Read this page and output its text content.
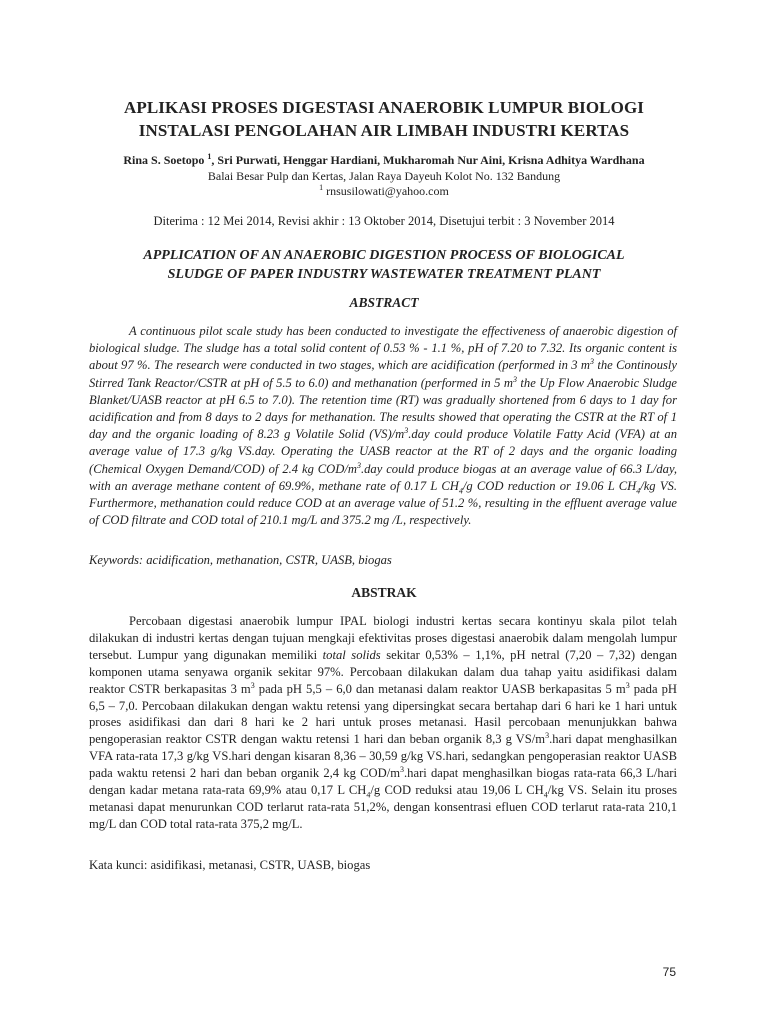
APLIKASI PROSES DIGESTASI ANAEROBIK LUMPUR BIOLOGI
INSTALASI PENGOLAHAN AIR LIMBAH INDUSTRI KERTAS
Rina S. Soetopo $^1$, Sri Purwati, Henggar Hardiani, Mukharomah Nur Aini, Krisna Adhitya Wardhana
Balai Besar Pulp dan Kertas, Jalan Raya Dayeuh Kolot No. 132 Bandung
$^1$ rnsusilowati@yahoo.com
Diterima : 12 Mei 2014, Revisi akhir : 13 Oktober 2014, Disetujui terbit : 3 November 2014
APPLICATION OF AN ANAEROBIC DIGESTION PROCESS OF BIOLOGICAL
SLUDGE OF PAPER INDUSTRY WASTEWATER TREATMENT PLANT
ABSTRACT

A continuous pilot scale study has been conducted to investigate the effectiveness of anaerobic digestion of biological sludge. The sludge has a total solid content of 0.53 % - 1.1 %, pH of 7.20 to 7.32. Its organic content is about 97 %. The research were conducted in two stages, which are acidification (performed in 3 $m^3$ the Continously Stirred Tank Reactor/CSTR at pH of 5.5 to 6.0) and methanation (performed in 5 $m^3$ the Up Flow Anaerobic Sludge Blanket/UASB reactor at pH 6.5 to 7.0). The retention time (RT) was gradually shortened from 6 days to 1 day for acidification and from 8 days to 2 days for methanation. The results showed that operating the CSTR at the RT of 1 day and the organic loading of 8.23 g Volatile Solid $(VS)/m^3.day$ could produce Volatile Fatty Acid (VFA) at an average value of 17.3 g/kg VS.day. Operating the UASB reactor at the RT of 2 days and the organic loading (Chemical Oxygen Demand/COD) of 2.4 kg COD/$m^3.day$ could produce biogas at an average value of 66.3 L/day, with an average methane content of 69.9%, methane rate of 0.17 L $CH_4/g$ COD reduction or 19.06 L $CH_4/kg$ VS. Furthermore, methanation could reduce COD at an average value of 51.2 %, resulting in the effluent average value of COD filtrate and COD total of 210.1 mg/L and 375.2 mg /L, respectively.

Keywords: acidification, methanation, CSTR, UASB, biogas

ABSTRAK

Percobaan digestasi anaerobik lumpur IPAL biologi industri kertas secara kontinyu skala pilot telah dilakukan di industri kertas dengan tujuan mengkaji efektivitas proses digestasi anaerobik dalam mengolah lumpur tersebut. Lumpur yang digunakan memiliki total solids sekitar 0,53% – 1,1%, pH netral (7,20 – 7,32) dengan komponen utama senyawa organik sekitar 97%. Percobaan dilakukan dalam dua tahap yaitu asidifikasi dalam reaktor CSTR berkapasitas 3 $m^3$ pada pH 5,5 – 6,0 dan metanasi dalam reaktor UASB berkapasitas 5 $m^3$ pada pH 6,5 – 7,0. Percobaan dilakukan dengan waktu retensi yang dipersingkat secara bertahap dari 6 hari ke 1 hari untuk proses asidifikasi dan dari 8 hari ke 2 hari untuk proses metanasi. Hasil percobaan menunjukkan bahwa pengoperasian reaktor CSTR dengan waktu retensi 1 hari dan beban organik 8,3 g $VS/m^3.hari$ dapat menghasilkan VFA rata-rata 17,3 g/kg VS.hari dengan kisaran 8,36 – 30,59 g/kg VS.hari, sedangkan pengoperasian reaktor UASB pada waktu retensi 2 hari dan beban organik 2,4 kg COD/$m^3.hari$ dapat menghasilkan biogas rata-rata 66,3 L/hari dengan kadar metana rata-rata 69,9% atau 0,17 L $CH_4/g$ COD reduksi atau 19,06 L $CH_4/kg$ VS. Selain itu proses metanasi dapat menurunkan COD terlarut rata-rata 51,2%, dengan konsentrasi efluen COD terlarut rata-rata 210,1 mg/L dan COD total rata-rata 375,2 mg/L.

Kata kunci: asidifikasi, metanasi, CSTR, UASB, biogas

75
